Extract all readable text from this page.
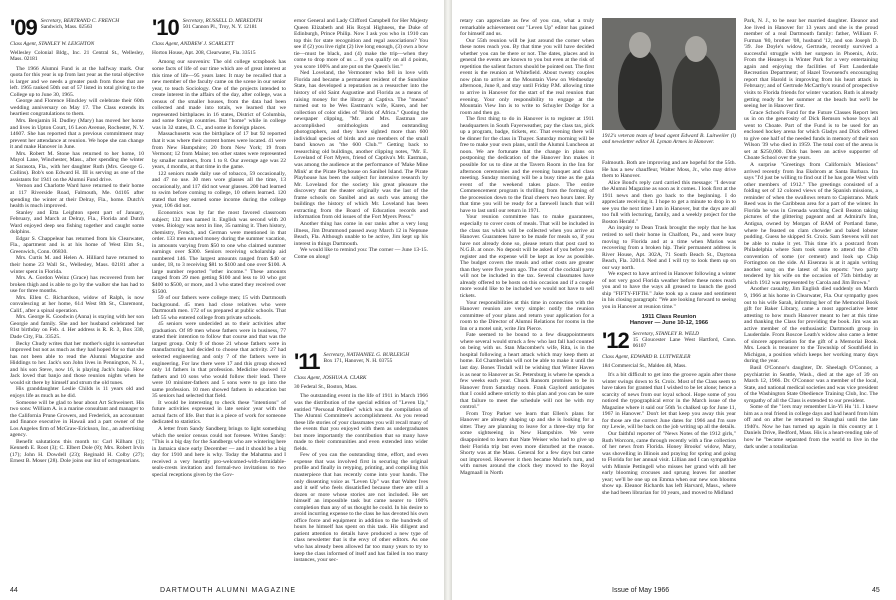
'09 Secretary, BERTRAND C. FRENCH
Sandwich, Mass. 02563
Class Agent, STANLEY W. LEIGHTON
Wellesley Colonial Bldg., Inc. 21 Central St., Wellesley, Mass. 02181

The 1966 Alumni Fund is at the halfway mark. Our quota for this year is up from last year as the total objective is larger and we needs a greater push from those that are left. 1965 ranked 50th out of 57 listed in total giving to the College up to June 30, 1965.

George and Florence Hinckley will celebrate their 60th wedding anniversary on May 17. The Class extends its heartiest congratulations to them.

Mrs. Benjamin H. Dudley (Mary) has moved her home and lives in Upton Court, 16 Leon Avenue, Rochester, N. Y. 14607. She has reported that a previous commitment may prevent her attendance at reunion. We hope she can change it and make Hanover in June.

Mrs. Robert M. Stone has returned to her home, 10 Mayol Lane, Winchester, Mass., after spending the winter at Sarasota, Fla., with her daughter Ruth (Mrs. George G. Collins). Bob's son Edward H. III is serving as one of the assistants for 1941 on the Alumni Fund drive.

Vernon and Charlotte Ward have returned to their home at 117 Riverside Road, Falmouth, Me. 04105 after spending the winter at their Delray, Fla., home. Dutch's health is much improved.

Stanley and Etta Leighton spent part of January, February, and March at Delray, Fla., Florida and Dutch Ward enjoyed deep sea fishing together and caught some dolphins.

Edgar S. Chappelear has returned from his Clearwater, Fla., apartment and is at his home of West Elm St., Greenwich, Conn. 06830.

Mrs. Curtis M. and Helen A. Hilliard have returned to their home 23 Wall St., Wellesley, Mass. 02181 after a winter spent in Florida.

Mrs. A. Gordon Weinz (Grace) has recovered from her broken thigh and is able to go by the walker she has had to use for three months.

Mrs. Ellen C. Richardson, widow of Ralph, is now convalescing at her home, 614 West 8th St., Claremont, Calif., after a spinal operation.

Mrs. George K. Goodwin (Anna) is staying with her son Georgie and family. She and her husband celebrated her 81st birthday on Feb. 4. Her address is R. R. 3, Box 330, Dade City, Fla. 33525.

Becky Chudy writes that her mother's sight is somewhat improved but not as much as they had hoped for so that she has not been able to read the Alumni Magazine and Hiddings to her. Jack's son John lives in Pennington, N. J., and his son Steve, now 16, is playing Jack's banjo. How Jack loved that banjo and those reunion nights when he would sit there by himself and strum the old tunes.

His granddaughter Leslie Childs is 11 years old and enjoys life as much as he did.

Someone will be glad to hear about Art Schweinert. His two sons: William A. is a marine consultant and manager to the California Prune Growers, and Frederick, an accountant and finance executive in Hawaii and a part owner of the Los Angeles firm of McGraw-Erickson, Inc., an advertising agency.

Benefit salutations this month to: Carl Kilham (1); Kenneth E. Root (3); C. Elbert Dole (8); Mrs. Robert Irvin (17); John H. Dowdell (23); Reginald H. Colby (27); Ernest B. Moser (28). Dole joins our list of octogenarians.

'10 Secretary, RUSSELL D. MEREDITH
501 Cannon Pl., Troy, N. Y. 12181
Class Agent, ANDREW J. SCARLETT
Horton House, Apt. 208, Clearwater, Fla. 33515

Among our souvenirs: The old college scrapbook has some facts of life of our time which are of great interest at this time of life—95 years later. It may be recalled that a new member of the faculty came on the scene in our senior year, to teach Sociology. One of the projects intended to create interest in the affairs of the day, after college, was a census of the smaller houses, from the data had been collected and made into totals, we learned that we represented birthplaces in 16 states, District of Columbia, and some foreign countries. But "home" while in college was in 32 states, D. C., and some in foreign places.

Massachusetts was the birthplace of 17 but 92 reported that it was where their current homes were located. 41 were from New Hampshire; 20 from New York; 19 from Vermont; 12 from Maine; ten other states were represented by smaller numbers, from 1 to 8. Our average age was 22 years, 4 months, at that time in the game.

122 seniors made daily use of tobacco, 59 occasionally, and 47 no use. 30 men wore glasses all the time, 13 occasionally, and 117 did not wear glasses. 200 had learned to swim before coming to college, 10 others learned. 120 stated that they earned some income during the college year, 106 did not.

Economics was by far the most favored classroom subject; 132 men named it. English was second with 20 votes. Biology was next in line, 35 naming it. Then history, chemistry, French, and German were mentioned in that order. 133 men earned money during the summer vacation, in amounts varying from $50 to one who claimed summer earnings over $300. Seniors receiving scholarship aid numbered 146. The largest amounts ranged from $40 or under, 18, to 3 receiving $81 to $100 and one over $100. A large number reported "other income." These amounts ranged from 29 men getting $100 and less to 10 who got $400 to $500, or more, and 3 who stated they received over $1500.

59 of our fathers were college men; 15 with Dartmouth background. 45 men had close relatives who were Dartmouth men. 172 of us prepared at public schools. That left 55 who entered college from private schools.

45 seniors were undecided as to their activities after graduation. Of 89 men whose fathers were in business, 77 stated their intention to follow that course and that was the largest group. Only 9 of those 21 whose fathers were in manufacturing had decided to choose that activity. 27 had selected engineering and only 7 of the fathers were in engineering. For law there were 17 and this group showed only 14 fathers in that profession. Medicine showed 12 fathers and 10 sons who would follow their lead. There were 10 minister-fathers and 5 sons were to go into the same profession. 10 men showed fathers in education but 35 seniors had selected that field.

It would be interesting to check these "intentions" of future activities expressed in late senior year with the actual facts of life. But that is a piece of work for someone dedicated to statistics.

A letter from Sandy Sandberg brings to light something which the senior census could not foresee. Writes Sandy: "This is a big day for the Sandbergs who are wintering here in Jamaica since early December — and it should be a big day for 1910 and here is why. Today the Mahatma and I received a very heartily pro-welcomed-with-formidable-seals-crests invitation and formal-two invitations to two special receptions given by the Gov-

ernor General and Lady Clifford Campbell for Her Majesty Queen Elizabeth and His Royal Highness, the Duke of Edinburgh, Prince Philip. Now I ask you who in 1910 can top this for state recognition and regal associations? You see if (2) you live right (2) live long enough, (3) own a bow tie—must be black, and (4) make the trip—when they come to drop more of us ... if you qualify on all 4 points, you score 100% and are put on the Queen's list."

Ned Loveland, the Vermonter who fell in love with Florida and became a permanent resident of the Sunshine State, has developed a reputation as a researcher into the history of old Saint Augustine and Florida as a means of raising money for the library at Captiva. The "means" turned out to be Wes Eastman's wife, Karen, and her collection of color slides of "Birds of Africa." Quoting the newspaper clipping, "Mr. and Mrs. Eastman are accomplished ornithologists and outstanding photographers, and they have sighted more than 600 individual species of birds and are members of the small band known as "the 600 Club."" Getting back to researching old buildings, another clipping notes, "Mr. E. Loveland of Fort Myers, friend of Captiva's Mr. Eastman, was among the audience at the performance of 'Make Mine Mink' at the Pirate Playhouse on Sanibel Island. The Pirate Playhouse has been the subject for intensive research by Mr. Loveland for the society his great pleasure the discovery that the theater originally was the last of the frame schools on Sanibel and as such was among the buildings the history of which Mr. Loveland has been extracting from the Board of Education records and information from old issues of the Fort Myers Press."

Another thing has come in our ranks after a very long illness, Jim Drummond passed away March 12 in Neptune Beach, Fla. Although unable to be active, Jim kept up his interest in things Dartmouth.

We would like to remind you: The corner — June 13-15. Come on along!

'11 Secretary, NATHANIEL G. BURLEIGH
Box 171, Hanover, N. H. 03755
Class Agent, JOSHUA A. CLARK
30 Federal St., Boston, Mass.

The outstanding event in the life of 1911 in March 1966 was the distribution of the special edition of "Leven Up," entitled "Personal Profiles" which was the compilation of The Alumni Committee's accomplishment. As you reread these life stories of your classmates you will recall many of the events that you enjoyed with them as undergraduates but more importantly the contribution that so many have made to their communities and even extended into wider fields.

Few of you can the outstanding time, effort, and even expense that was involved first in securing the original profile and finally in retyping, printing, and compiling this masterpiece that has recently come into your hands. The only dissenting voice as "Leven Up" was that Walter Ives and it self who feels dissatisfied because there are still a dozen or more whose stories are not included. He set himself an impossible task but came nearer to 100% completion than any of us thought he could. In his desire to avoid incurring expense to the class he has devoted his own office force and equipment in addition to the hundreds of hours he himself has spent on this task. His diligent and patient attention to details have produced a new type of class newsletter that is the envy of other editors. As one who has already been allowed far too many years to try to keep the class informed of itself and has failed in too many instances, your sec-

44	DARTMOUTH ALUMNI MAGAZINE

retary can appreciate as few of you can, what a truly remarkable achievement our "Leven Up" editor has gained for himself and us.

Our 55th reunion will be just around the corner when these notes reach you. By that time you will have decided whether you can be there or not. The dates, places and in general the events are known to you but even at the risk of repetition the salient factors should be pointed out. The first event is the reunion at Whitefield. About twenty couples now plan to arrive at the Mountain View on Wednesday afternoon, June 8, and stay until Friday P.M. allowing time to arrive in Hanover for the start of the real reunion that evening. Your only responsibility to engage at the Mountain View Inn is to write to Schuyler Dodge for a room and then go.

The first thing to do in Hanover is to register at 1911 headquarters in South Fayerweather, pay the class tax, pick up a program, badge, tickets, etc. That evening there will be dinner for the class in Thayer. Saturday morning will be free to make your own plans, until the Alumni Luncheon at noon. We are fortunate that the change in plans on postponing the dedication of the Hanover Inn makes it possible for us to dine at the Tavern Room in the Inn for afternoon ceremonies and the evening banquet and class meeting. Sunday morning will be a busy time as the gala event of the weekend takes place. The entire Commencement program is thrilling from the forming of the procession down to the final cheers two hours later. By that time you will be ready for a farewell lunch that will have to last until our return in 1971.

Your reunion committee has to make guarantees, especially to cover costs of meals. That will be included in the class tax which will be collected when you arrive at Hanover. Guarantees have to be made for meals so, if you have not already done so, please return that post card to N.G.B. at once. No deposit will be asked of you before you register and the expense will be kept as low as possible. The budget covers the meals and other costs are greater than they were five years ago. The cost of the cocktail party will not be included in the tax. Several classmates have already offered to be hosts on this occasion and if a couple more would like to be included we would not have to sell tickets.

Your responsibilities at this time in connection with the Hanover reunion are very simple: notify the reunion committee of your plans and return your application for a room to the Director of Alumni Relations for rooms in the Inn or a motel unit, write Jim Pierce.

Fate seemed to be bound to a few disappointments where several would struck a few who last fall had counted on being with us. Stan Macomber's wife, Rita, is in the hospital following a heart attack which may keep them at home. Ed Chamberlain will not be able to make it until the last day. Bones Tindall will be wishing that Winter Haven is as near to Hanover as St. Petersburg is where he spends a few weeks each year. Chuck Ransom promises to be in Hanover from Saturday noon. Frank Gaylord anticipates that I could adhere strictly to this plan and you can be sure that failure to meet the schedule will not be with my control."

From Troy Parker we learn that Ellen's plans for Hanover are already shaping up and she is looking for a sitter. They are planning to leave for a three-day trip for some sightseeing in New Hampshire. We were disappointed to learn that Nate Weiser who had to give up their Florida trip but even more disturbed at the reason. Shorty was at the Mass. General for a few days but came out improved. However it then became Muriel's turn, and with nurses around the clock they moved to the Royal Magmaall in North

1912's veteran team of head agent Edward B. Luitweiler (l) and newsletter editor H. Lyman Armes in Hanover.

Falmouth. Both are improving and are hopeful for the 55th. He has a new chauffeur, Walter Moss, Jr., who may drive them to Hanover.

Alice Bond's reply card carried this message: "I devour the Alumni Magazine as soon as it comes. I look first at the 1911 news and then go back to the beginning. I do appreciate receiving it. I hope to get a minute to drop in to see you the next time I am in Hanover, but the days are all too full with lecturing, family, and a weekly project for the Boston Herald."

An inquiry to Dean Trask brought the reply that he has retired to sell their home in Chalfont, Pa., and were busy moving to Florida and at a time when Marion was recovering from a broken hip. Their permanent address is River House, Apt. 302A, 71 South Beach St., Daytona Beach, Fla. 32014. Ned and I will try to look them up on our way north.

We expect to have arrived in Hanover following a winter of not very good Florida weather before these notes reach you and to have the ways all greased to launch the good ship "FIFTY-FIFTH." Jake took up a cause and sentiment in his closing paragraph: "We are looking forward to seeing you in Hanover at reunion time."

1911 Class Reunion
Hanover — June 10-12, 1966
'12 Secretary, STANLEY B. WELD
15 Gloucester Lane West Hartford, Conn. 06107
Class Agent, EDWARD B. LUITWEILER
184 Commercial St., Malden 48, Mass.

It's a bit difficult to get into the groove again after those winter swings down to St. Croix. Most of the Class seem to have taken for granted that I wished to be let alone; hence a scarcity of news from our loyal school. Hope some of you noticed the typographical error in the March issue of the Magazine where it said our 56th 'is chalked up for June 11, 1967 in Hanover." Don't let that keep you away this year for those are the correct June dates for 1966 and I'm sure my Lewie, will be back on the job writing up all the details.

Our faithful reporter of "News Notes of the 1912 girls," Ruth Worcom, came through recently with a fine collection of her news from Florida. Honey Brooks' widow, Mary, was shovelling in Illinois and praying for spring and going to Florida for her annual visit. Lillian and I can sympathize with Minnie Pettingell who misses her grand with all her early blooming crocuses and sprung leaves for another year; we'll be one up on Emma when our new son blooms show up. Eleanor Richards has left Harvard, Mass., where she had been librarian for 10 years, and moved to Midland

Park, N. J., to be near her married daughter. Eleanor and Joe lived in Hanover for 13 years and she is the proud member of a real Dartmouth family: father, William F. Furman '80, brother '08, husband '12, and son Joseph D. '39. Joe Doyle's widow, Gertrude, recently survived a successful struggle with her surgeon in Phoenix, Ariz. From the Heaneys in Winter Park for a very entertaining again and enjoying the facilities of Fort Lauderdale Recreation Department; of Hazel Townsend's encouraging report that Harold is improving from his heart attack in February; and of Gertrude McCarthy's round of prospective visits to Florida friends for winter vacation. Ruth is already getting ready for her summer at the beach but we'll be seeing her in Hanover first.

Grace School's Fund for the Future Classes Report lets us in on the generosity of Dick Remson whose boys all went to Choate. Part of the Fund is to be used for an enclosed hockey arena for which Gladys and Dick offered to give one half of the needed funds in memory of their son Wilson '39 who died in 1959. The total cost of the arena is set at $250,000. Dick has been an active supporter of Choate School over the years.

A surprise "Greetings from California's Missions" arrived recently from Ina Eksbrom at Santa Barbara. Ira says "I'd just be willing to find out if he has gone West with other members of 1912." The greetings consisted of a folding set of 12 colored views of the Spanish missions, a reminder of when the swallows return to Capistrano. Mark Reed was in the Caribbean area for a part of the winter. In Florida he was in Grenada watching Cecil Beaton taking pictures of the glittering pageant and at Admiral's Inn, Antigua, owned by Morgan of BAM of Portland fame, where he feasted on clam chowder and baked lobster pudding. Guess he skipped St. Croix. Sam Stevens will not be able to make it yet. This time it's a postcard from Philadelphia where Sam took some to attend the 47th convention of some (or cement) and look up Chip Fortington on the side. Al Eisenrau is at it again writing another song on the latest of his reports: "two party tendered by his wife on the occasion of 75th birthday at which 1912 was represented by Carola and Jim Brown."

Another casualty, Jim English died suddenly on March 9, 1966 at his home in Clearwater, Fla. Our sympathy goes out to his wife Sarah, informing her of the Memorial Book gift for Baker Library, came a most appreciative letter attesting to how much Hanover meant to her at this time and thanking the Class for providing the book. Jim was an active member of the enthusiastic Dartmouth group in Lauderdale. From Roscoe Leath's widow also came a letter of sincere appreciation for the gift of a Memorial Book. Mrs. Leach is treasurer to the Township of Southfield in Michigan, a position which keeps her working many days during the year.

Basil O'Connor's daughter, Dr. Sheelagh O'Connor, a psychiatrist in Seattle, Wash., died at the age of 39 on March 12, 1966. Dr. O'Connor was a member of the local, State, and national medical societies and was vice president of the Washington State Obedience Training Club, Inc. The sympathy of all the Class is extended to our president.

Some of the "1ers may remember Lin-Yi Hu '11. I knew him as a real friend in college days and had heard from him off and on after he returned to Shanghai until the late 1940's. Now he has turned up again in this country at 1 Daniels Drive, Bedford, Mass. His is a heart-rending tale of how he "became separated from the world to live in the dark under a totalitarian

Issue of May 1966	45
